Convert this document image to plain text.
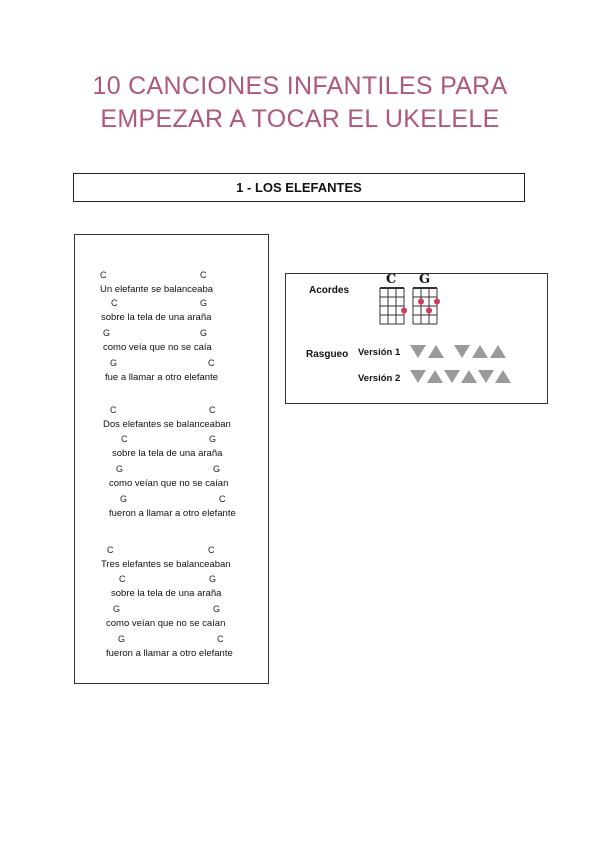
10 CANCIONES INFANTILES PARA
EMPEZAR A TOCAR EL UKELELE
1 - LOS ELEFANTES
C	C
Un elefante se balanceaba
C	G
sobre la tela de una araña
G	G
como veía que no se caía
G	C
fue a llamar a otro elefante
C	C
Dos elefantes se balanceaban
C	G
sobre la tela de una araña
G	G
como veían que no se caían
G	C
fueron a llamar a otro elefante
C	C
Tres elefantes se balanceaban
C	G
sobre la tela de una araña
G	G
como veían que no se caían
G	C
fueron a llamar a otro elefante
Acordes
C G
Rasgueo Versión 1
Versión 2
